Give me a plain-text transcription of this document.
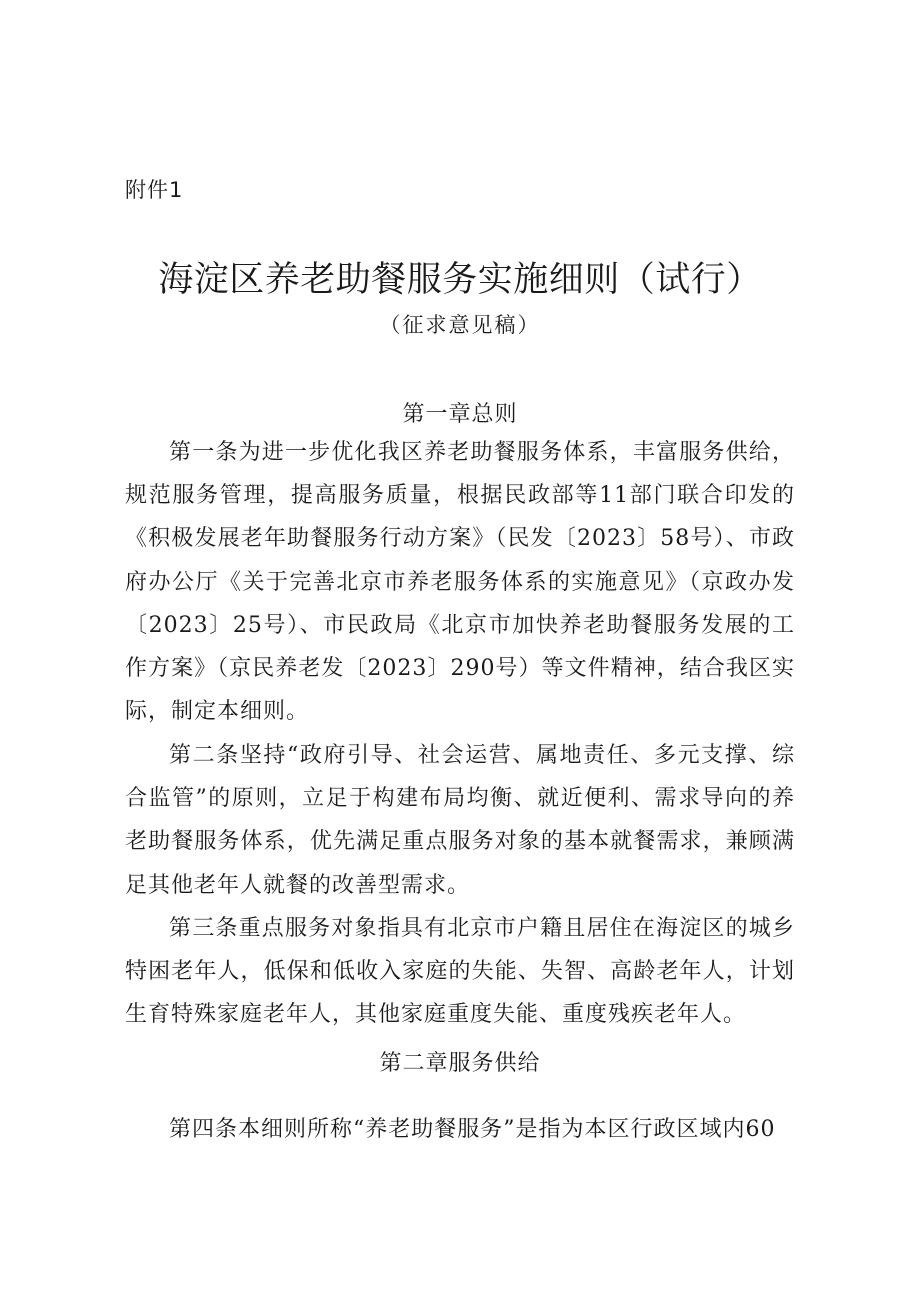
附件1
海淀区养老助餐服务实施细则（试行）
（征求意见稿）
第一章总则

第一条为进一步优化我区养老助餐服务体系，丰富服务供给，规范服务管理，提高服务质量，根据民政部等11部门联合印发的《积极发展老年助餐服务行动方案》（民发〔2023〕58号）、市政府办公厅《关于完善北京市养老服务体系的实施意见》（京政办发〔2023〕25号）、市民政局《北京市加快养老助餐服务发展的工作方案》（京民养老发〔2023〕290号）等文件精神，结合我区实际，制定本细则。

第二条坚持“政府引导、社会运营、属地责任、多元支撑、综合监管”的原则，立足于构建布局均衡、就近便利、需求导向的养老助餐服务体系，优先满足重点服务对象的基本就餐需求，兼顾满足其他老年人就餐的改善型需求。

第三条重点服务对象指具有北京市户籍且居住在海淀区的城乡特困老年人，低保和低收入家庭的失能、失智、高龄老年人，计划生育特殊家庭老年人，其他家庭重度失能、重度残疾老年人。

第二章服务供给

第四条本细则所称“养老助餐服务”是指为本区行政区域内60
